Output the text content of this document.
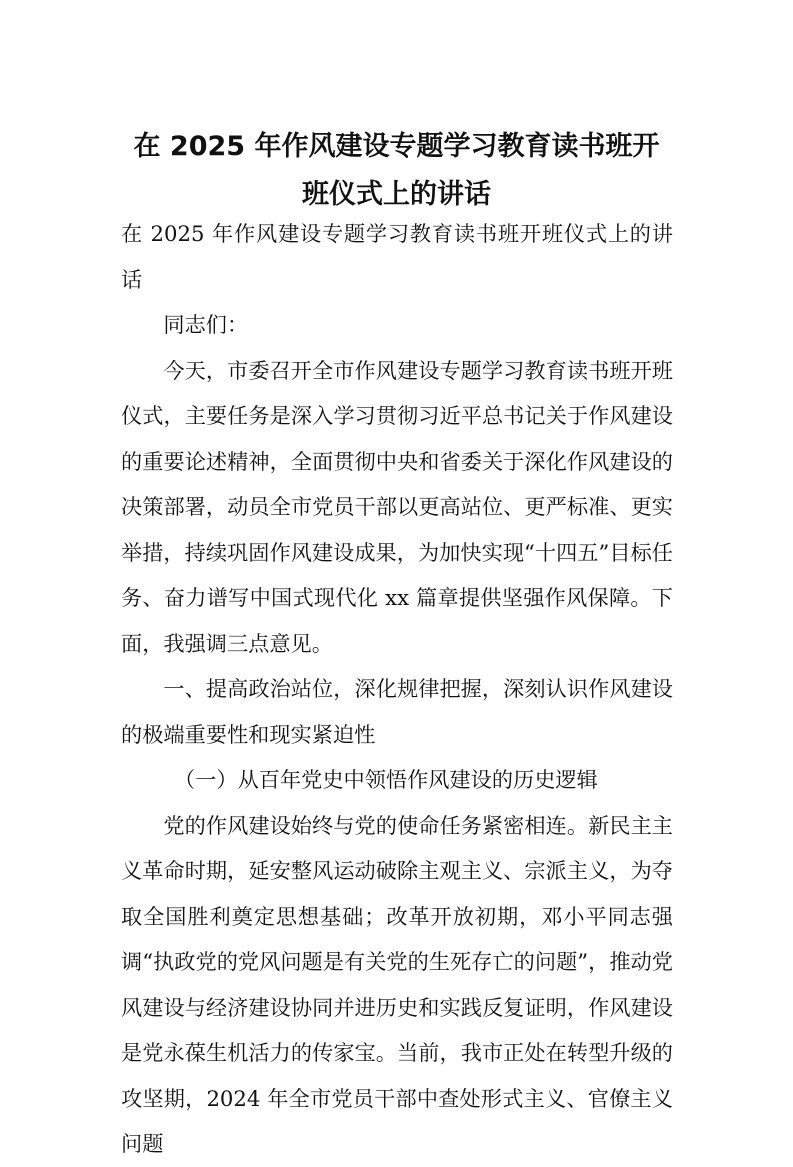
在 2025 年作风建设专题学习教育读书班开
班仪式上的讲话

在 2025 年作风建设专题学习教育读书班开班仪式上的讲话

同志们：

今天，市委召开全市作风建设专题学习教育读书班开班仪式，主要任务是深入学习贯彻习近平总书记关于作风建设的重要论述精神，全面贯彻中央和省委关于深化作风建设的决策部署，动员全市党员干部以更高站位、更严标准、更实举措，持续巩固作风建设成果，为加快实现“十四五”目标任务、奋力谱写中国式现代化 xx 篇章提供坚强作风保障。下面，我强调三点意见。

一、提高政治站位，深化规律把握，深刻认识作风建设的极端重要性和现实紧迫性

（一）从百年党史中领悟作风建设的历史逻辑

党的作风建设始终与党的使命任务紧密相连。新民主主义革命时期，延安整风运动破除主观主义、宗派主义，为夺取全国胜利奠定思想基础；改革开放初期，邓小平同志强调“执政党的党风问题是有关党的生死存亡的问题”，推动党风建设与经济建设协同并进历史和实践反复证明，作风建设是党永葆生机活力的传家宝。当前，我市正处在转型升级的攻坚期，2024 年全市党员干部中查处形式主义、官僚主义问题
